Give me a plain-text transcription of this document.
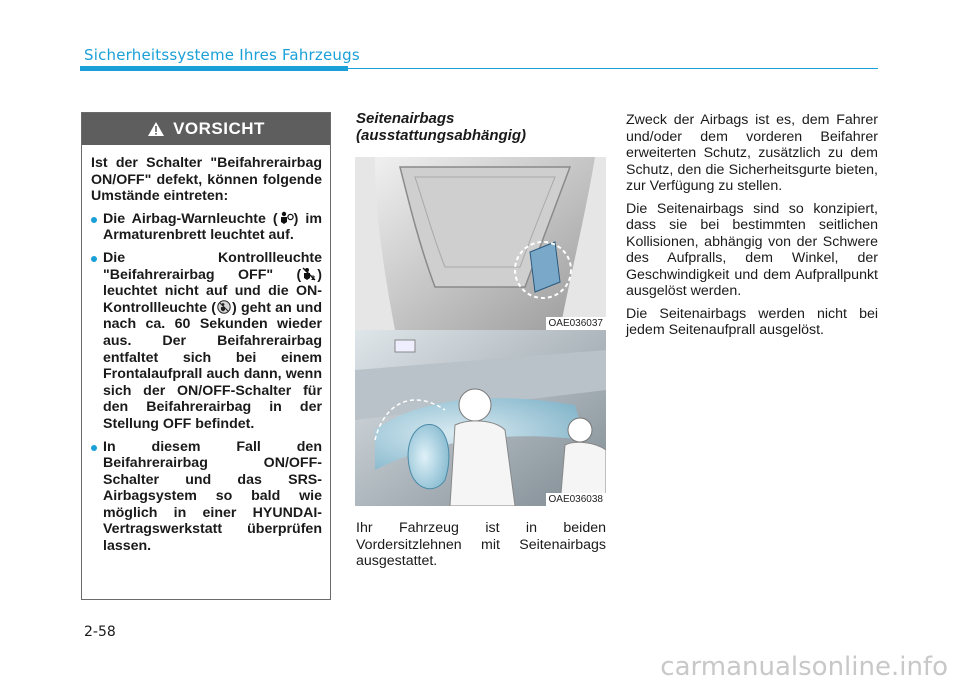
Sicherheitssysteme Ihres Fahrzeugs
VORSICHT

Ist der Schalter "Beifahrerairbag ON/OFF" defekt, können folgende Umstände eintreten:

Die Airbag-Warnleuchte ( ) im Armaturenbrett leuchtet auf.
Die Kontrollleuchte "Beifahrerairbag OFF" ( 2 ) leuchtet nicht auf und die ON-Kontrollleuchte ( ) geht an und nach ca. 60 Sekunden wieder aus. Der Beifahrerairbag entfaltet sich bei einem Frontalaufprall auch dann, wenn sich der ON/OFF-Schalter für den Beifahrerairbag in der Stellung OFF befindet.
In diesem Fall den Beifahrerairbag ON/OFF-Schalter und das SRS-Airbagsystem so bald wie möglich in einer HYUNDAI-Vertragswerkstatt überprüfen lassen.
Seitenairbags (ausstattungsabhängig)
OAE036037
OAE036038
Ihr Fahrzeug ist in beiden Vordersitzlehnen mit Seitenairbags ausgestattet.

Zweck der Airbags ist es, dem Fahrer und/oder dem vorderen Beifahrer erweiterten Schutz, zusätzlich zu dem Schutz, den die Sicherheitsgurte bieten, zur Verfügung zu stellen.

Die Seitenairbags sind so konzipiert, dass sie bei bestimmten seitlichen Kollisionen, abhängig von der Schwere des Aufpralls, dem Winkel, der Geschwindigkeit und dem Aufprallpunkt ausgelöst werden.

Die Seitenairbags werden nicht bei jedem Seitenaufprall ausgelöst.

2-58
carmanualsonline.info
